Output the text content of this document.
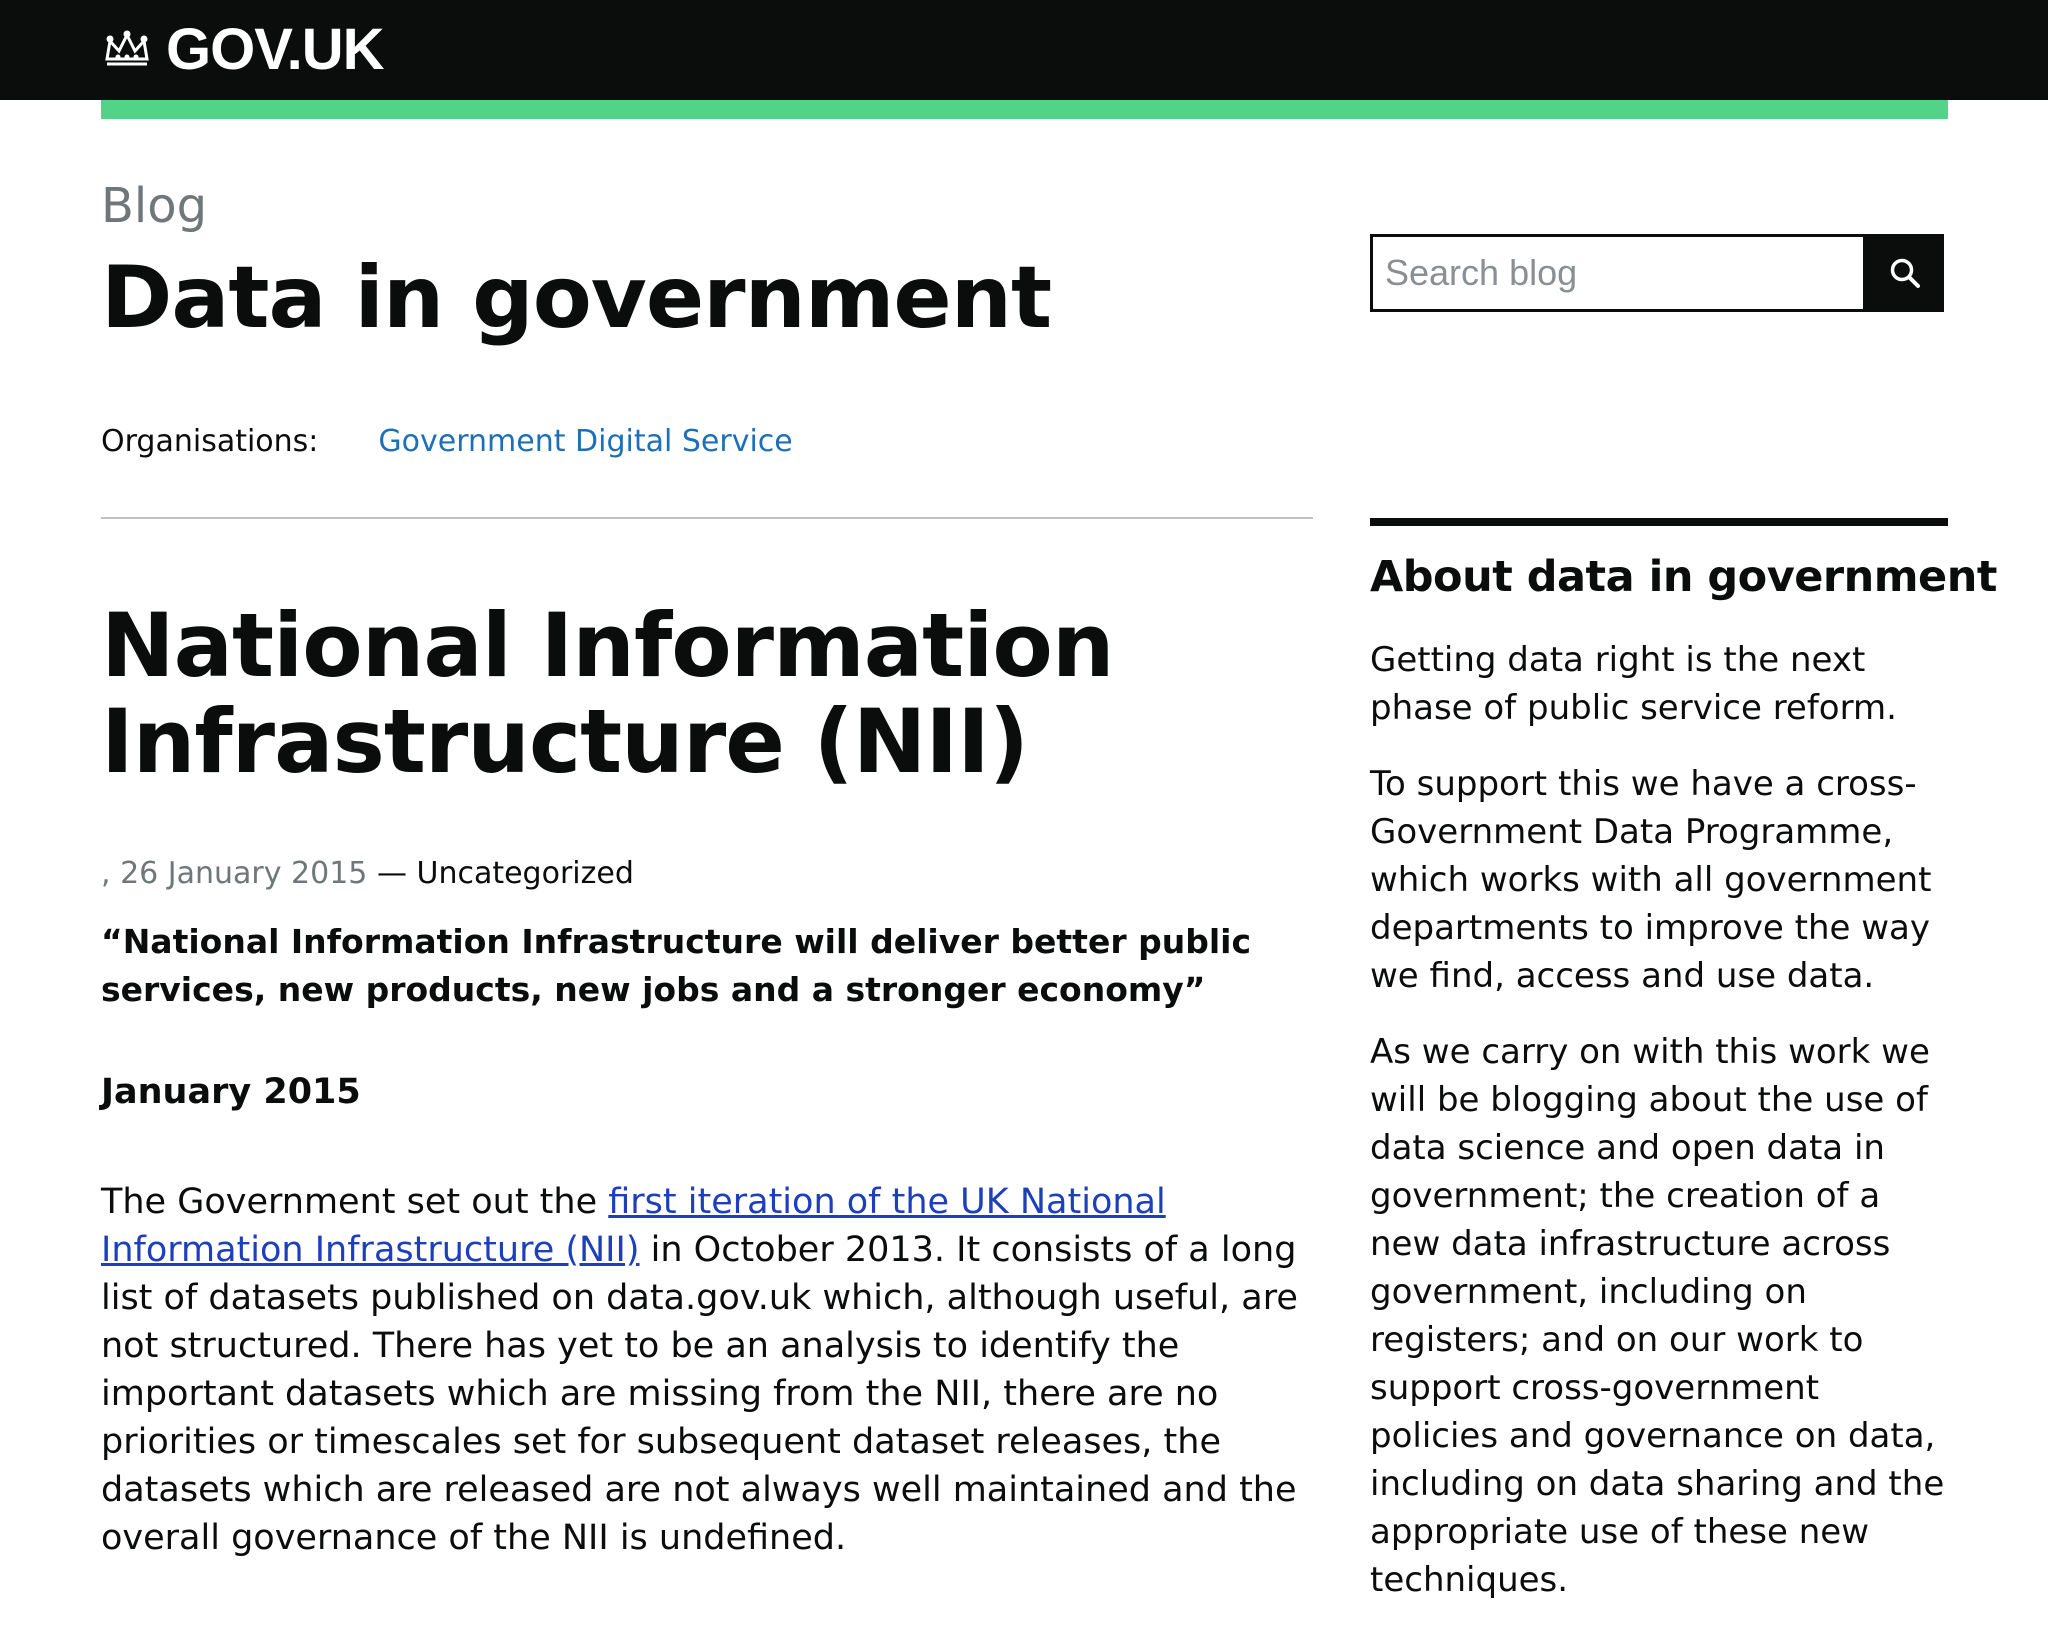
GOV.UK
Blog
Data in government
Organisations: Government Digital Service
Search blog
National Information Infrastructure (NII)
, 26 January 2015 — Uncategorized

“National Information Infrastructure will deliver better public services, new products, new jobs and a stronger economy”

January 2015

The Government set out the first iteration of the UK National Information Infrastructure (NII) in October 2013. It consists of a long list of datasets published on data.gov.uk which, although useful, are not structured. There has yet to be an analysis to identify the important datasets which are missing from the NII, there are no priorities or timescales set for subsequent dataset releases, the datasets which are released are not always well maintained and the overall governance of the NII is undefined.

About data in government

Getting data right is the next phase of public service reform.

To support this we have a cross-Government Data Programme, which works with all government departments to improve the way we find, access and use data.

As we carry on with this work we will be blogging about the use of data science and open data in government; the creation of a new data infrastructure across government, including on registers; and on our work to support cross-government policies and governance on data, including on data sharing and the appropriate use of these new techniques.
